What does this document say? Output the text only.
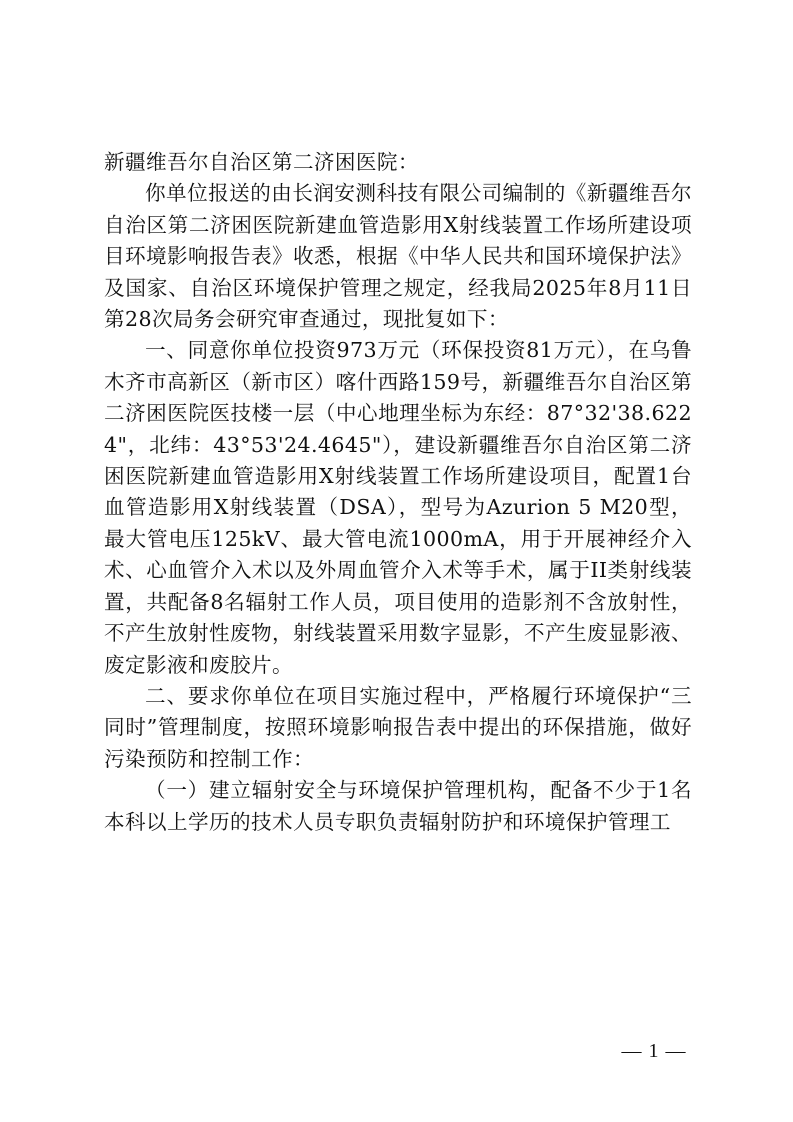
新疆维吾尔自治区第二济困医院：

你单位报送的由长润安测科技有限公司编制的《新疆维吾尔自治区第二济困医院新建血管造影用X射线装置工作场所建设项目环境影响报告表》收悉，根据《中华人民共和国环境保护法》及国家、自治区环境保护管理之规定，经我局2025年8月11日第28次局务会研究审查通过，现批复如下：

一、同意你单位投资973万元（环保投资81万元），在乌鲁木齐市高新区（新市区）喀什西路159号，新疆维吾尔自治区第二济困医院医技楼一层（中心地理坐标为东经：87°32'38.6224"，北纬：43°53'24.4645"），建设新疆维吾尔自治区第二济困医院新建血管造影用X射线装置工作场所建设项目，配置1台血管造影用X射线装置（DSA），型号为Azurion 5 M20型，最大管电压125kV、最大管电流1000mA，用于开展神经介入术、心血管介入术以及外周血管介入术等手术，属于II类射线装置，共配备8名辐射工作人员，项目使用的造影剂不含放射性，不产生放射性废物，射线装置采用数字显影，不产生废显影液、废定影液和废胶片。

二、要求你单位在项目实施过程中，严格履行环境保护“三同时”管理制度，按照环境影响报告表中提出的环保措施，做好污染预防和控制工作：

（一）建立辐射安全与环境保护管理机构，配备不少于1名本科以上学历的技术人员专职负责辐射防护和环境保护管理工

— 1 —
